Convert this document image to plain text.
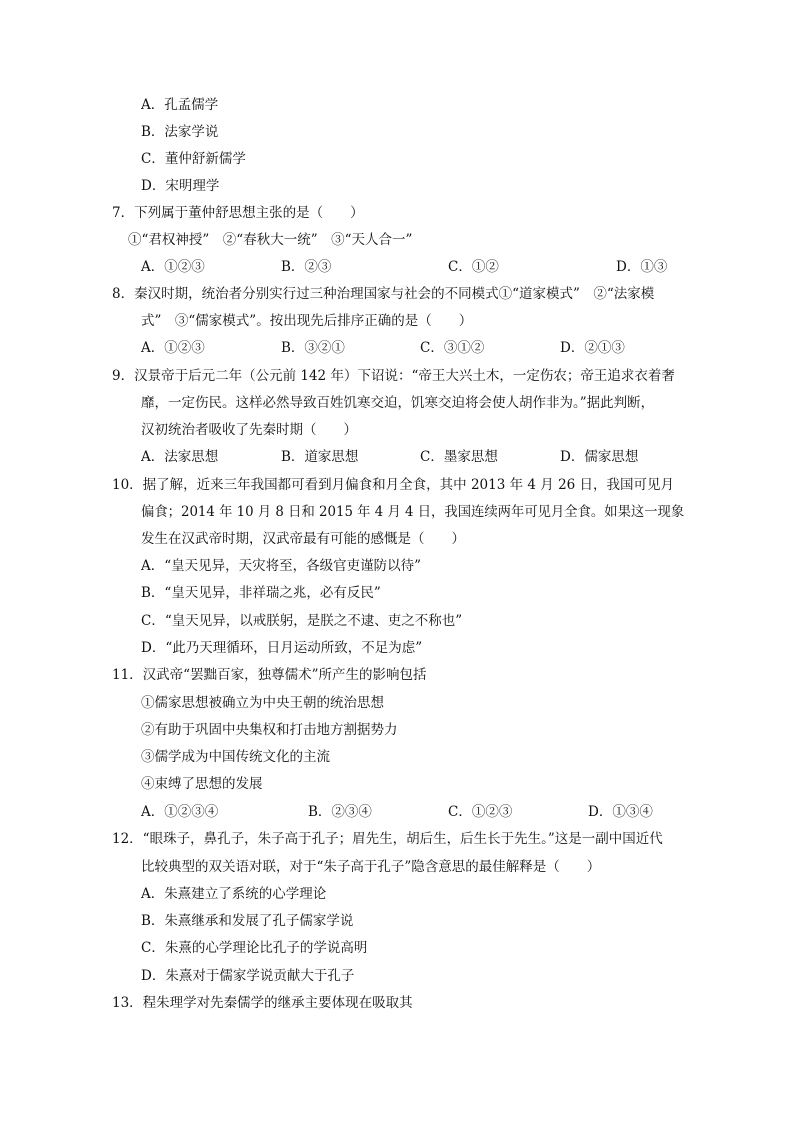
A．孔孟儒学
B．法家学说
C．董仲舒新儒学
D．宋明理学
7．下列属于董仲舒思想主张的是（　　）
①“君权神授”　②“春秋大一统”　③“天人合一”
A．①②③	B．②③	C．①②	D．①③
8．秦汉时期，统治者分别实行过三种治理国家与社会的不同模式①“道家模式”　②“法家模
式”　③“儒家模式”。按出现先后排序正确的是（　　）
A．①②③	B．③②①	C．③①②	D．②①③
9．汉景帝于后元二年（公元前 142 年）下诏说：“帝王大兴土木，一定伤农；帝王追求衣着奢
靡，一定伤民。这样必然导致百姓饥寒交迫，饥寒交迫将会使人胡作非为。”据此判断，
汉初统治者吸收了先秦时期（　　）
A．法家思想	B．道家思想	C．墨家思想	D．儒家思想
10．据了解，近来三年我国都可看到月偏食和月全食，其中 2013 年 4 月 26 日，我国可见月
偏食；2014 年 10 月 8 日和 2015 年 4 月 4 日，我国连续两年可见月全食。如果这一现象
发生在汉武帝时期，汉武帝最有可能的感慨是（　　）
A．“皇天见异，天灾将至，各级官吏谨防以待”
B．“皇天见异，非祥瑞之兆，必有反民”
C．“皇天见异，以戒朕躬，是朕之不逮、吏之不称也”
D．“此乃天理循环，日月运动所致，不足为虑”
11．汉武帝“罢黜百家，独尊儒术”所产生的影响包括
①儒家思想被确立为中央王朝的统治思想
②有助于巩固中央集权和打击地方割据势力
③儒学成为中国传统文化的主流
④束缚了思想的发展
A．①②③④	B．②③④	C．①②③	D．①③④
12．“眼珠子，鼻孔子，朱子高于孔子；眉先生，胡后生，后生长于先生。”这是一副中国近代
比较典型的双关语对联，对于“朱子高于孔子”隐含意思的最佳解释是（　　）
A．朱熹建立了系统的心学理论
B．朱熹继承和发展了孔子儒家学说
C．朱熹的心学理论比孔子的学说高明
D．朱熹对于儒家学说贡献大于孔子
13．程朱理学对先秦儒学的继承主要体现在吸取其
